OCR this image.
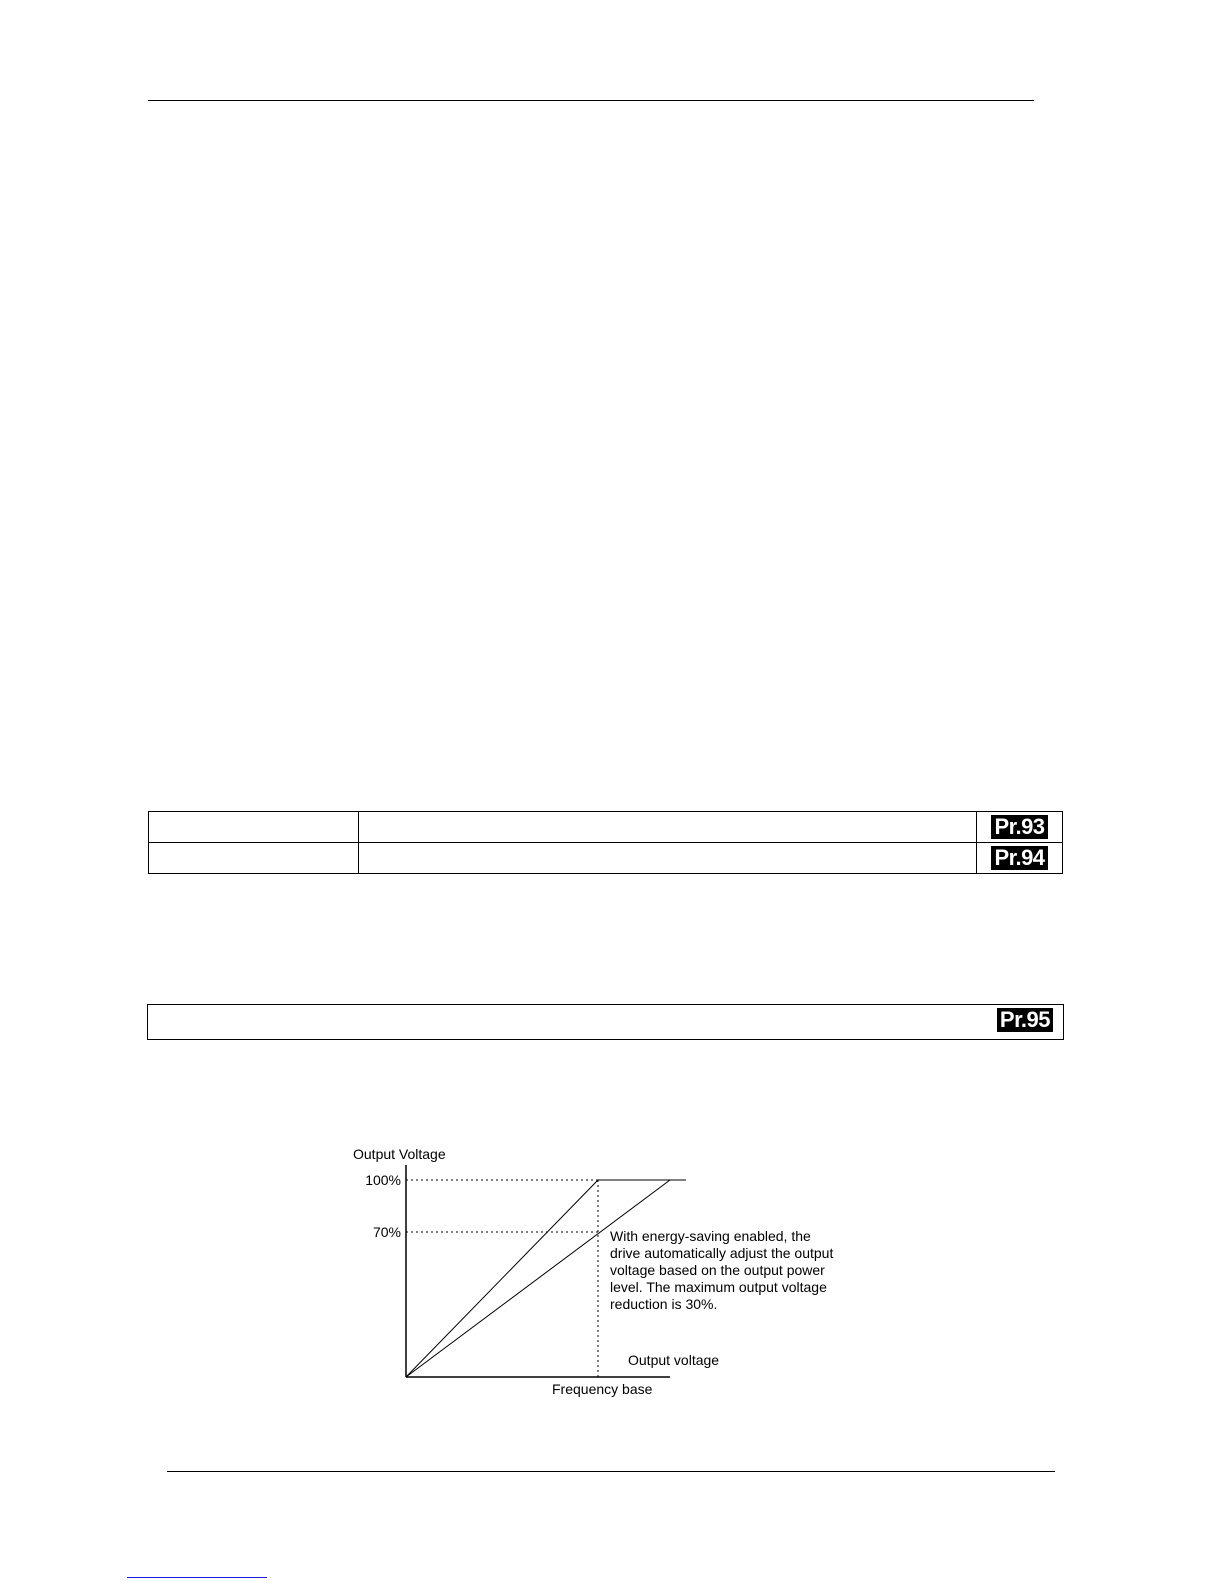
		Pr.93
		Pr.94
Pr.95
Output Voltage
100%
70%	With energy-saving enabled, the
drive automatically adjust the output
voltage based on the output power
level. The maximum output voltage
reduction is 30%.
Output voltage
Frequency base
